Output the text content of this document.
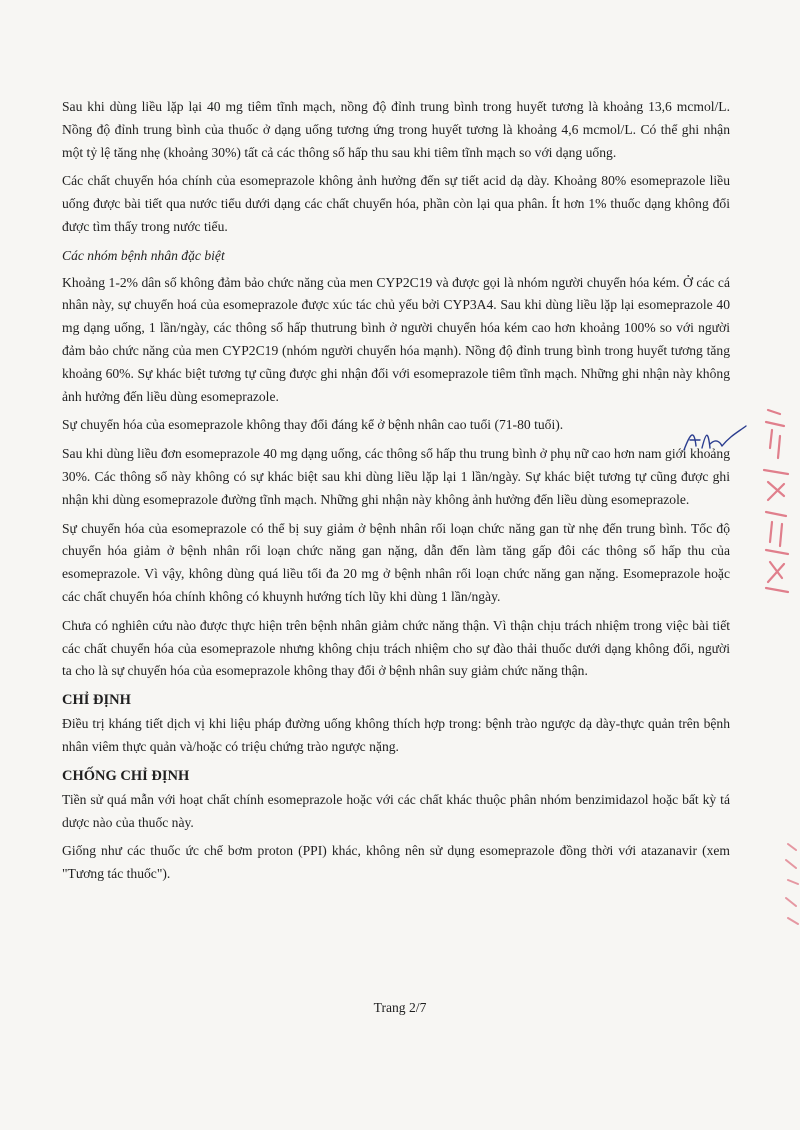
Sau khi dùng liều lặp lại 40 mg tiêm tĩnh mạch, nồng độ đỉnh trung bình trong huyết tương là khoảng 13,6 mcmol/L. Nồng độ đỉnh trung bình của thuốc ở dạng uống tương ứng trong huyết tương là khoảng 4,6 mcmol/L. Có thể ghi nhận một tỷ lệ tăng nhẹ (khoảng 30%) tất cả các thông số hấp thu sau khi tiêm tĩnh mạch so với dạng uống.

Các chất chuyển hóa chính của esomeprazole không ảnh hưởng đến sự tiết acid dạ dày. Khoảng 80% esomeprazole liều uống được bài tiết qua nước tiểu dưới dạng các chất chuyển hóa, phần còn lại qua phân. Ít hơn 1% thuốc dạng không đổi được tìm thấy trong nước tiểu.

Các nhóm bệnh nhân đặc biệt

Khoảng 1-2% dân số không đảm bảo chức năng của men CYP2C19 và được gọi là nhóm người chuyển hóa kém. Ở các cá nhân này, sự chuyển hoá của esomeprazole được xúc tác chủ yếu bởi CYP3A4. Sau khi dùng liều lặp lại esomeprazole 40 mg dạng uống, 1 lần/ngày, các thông số hấp thutrung bình ở người chuyển hóa kém cao hơn khoảng 100% so với người đảm bảo chức năng của men CYP2C19 (nhóm người chuyển hóa mạnh). Nồng độ đỉnh trung bình trong huyết tương tăng khoảng 60%. Sự khác biệt tương tự cũng được ghi nhận đối với esomeprazole tiêm tĩnh mạch. Những ghi nhận này không ảnh hưởng đến liều dùng esomeprazole.

Sự chuyển hóa của esomeprazole không thay đổi đáng kể ở bệnh nhân cao tuổi (71-80 tuổi).

Sau khi dùng liều đơn esomeprazole 40 mg dạng uống, các thông số hấp thu trung bình ở phụ nữ cao hơn nam giới khoảng 30%. Các thông số này không có sự khác biệt sau khi dùng liều lặp lại 1 lần/ngày. Sự khác biệt tương tự cũng được ghi nhận khi dùng esomeprazole đường tĩnh mạch. Những ghi nhận này không ảnh hưởng đến liều dùng esomeprazole.

Sự chuyển hóa của esomeprazole có thể bị suy giảm ở bệnh nhân rối loạn chức năng gan từ nhẹ đến trung bình. Tốc độ chuyển hóa giảm ở bệnh nhân rối loạn chức năng gan nặng, dẫn đến làm tăng gấp đôi các thông số hấp thu của esomeprazole. Vì vậy, không dùng quá liều tối đa 20 mg ở bệnh nhân rối loạn chức năng gan nặng. Esomeprazole hoặc các chất chuyển hóa chính không có khuynh hướng tích lũy khi dùng 1 lần/ngày.

Chưa có nghiên cứu nào được thực hiện trên bệnh nhân giảm chức năng thận. Vì thận chịu trách nhiệm trong việc bài tiết các chất chuyển hóa của esomeprazole nhưng không chịu trách nhiệm cho sự đào thải thuốc dưới dạng không đổi, người ta cho là sự chuyển hóa của esomeprazole không thay đổi ở bệnh nhân suy giảm chức năng thận.

CHỈ ĐỊNH

Điều trị kháng tiết dịch vị khi liệu pháp đường uống không thích hợp trong: bệnh trào ngược dạ dày-thực quản trên bệnh nhân viêm thực quản và/hoặc có triệu chứng trào ngược nặng.

CHỐNG CHỈ ĐỊNH

Tiền sử quá mẫn với hoạt chất chính esomeprazole hoặc với các chất khác thuộc phân nhóm benzimidazol hoặc bất kỳ tá dược nào của thuốc này.

Giống như các thuốc ức chế bơm proton (PPI) khác, không nên sử dụng esomeprazole đồng thời với atazanavir (xem "Tương tác thuốc").

Trang 2/7
